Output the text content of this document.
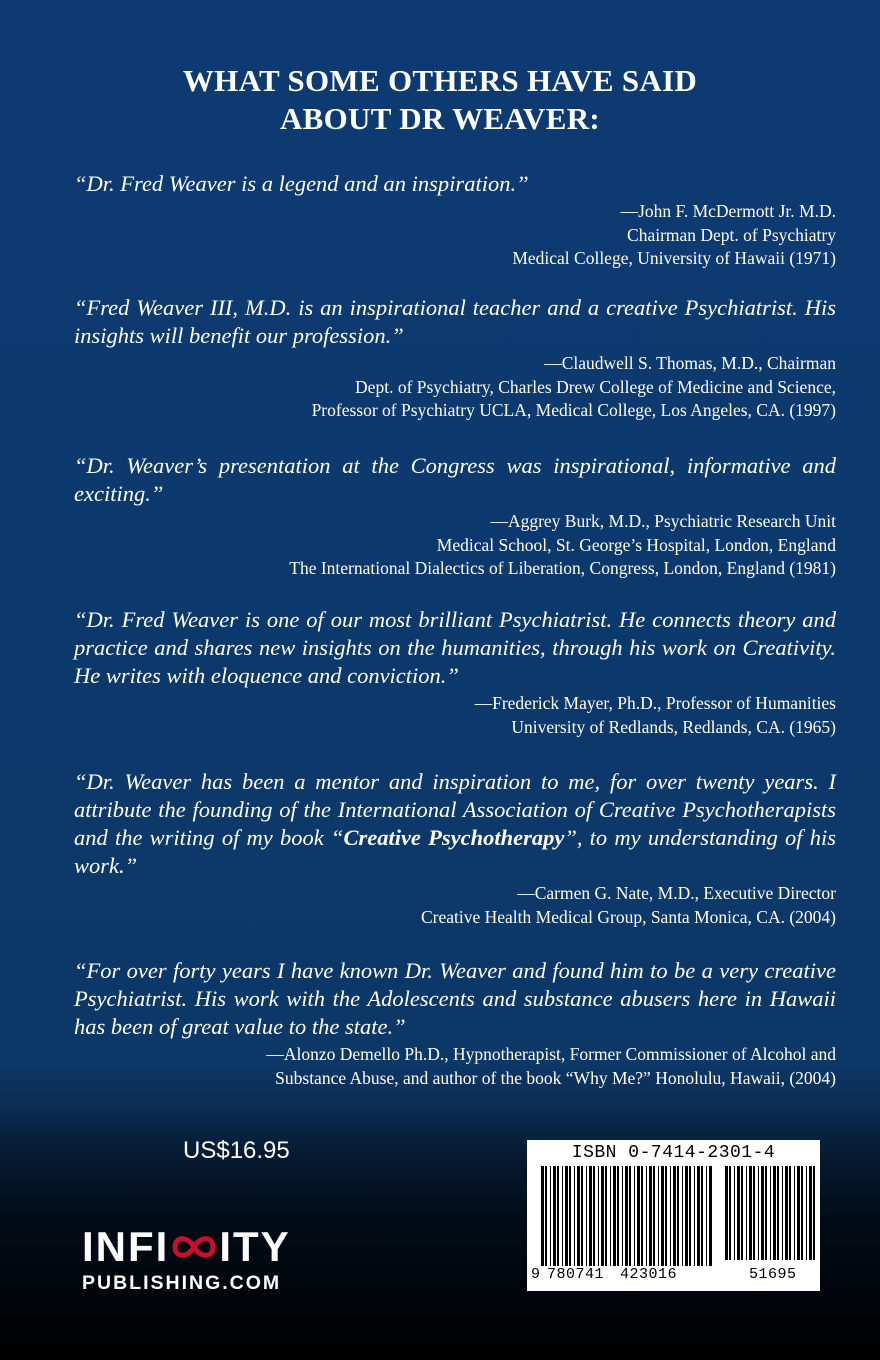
WHAT SOME OTHERS HAVE SAID
ABOUT DR WEAVER:

“Dr. Fred Weaver is a legend and an inspiration.”

—John F. McDermott Jr. M.D.
Chairman Dept. of Psychiatry
Medical College, University of Hawaii (1971)

“Fred Weaver III, M.D. is an inspirational teacher and a creative Psychiatrist. His insights will benefit our profession.”

—Claudwell S. Thomas, M.D., Chairman
Dept. of Psychiatry, Charles Drew College of Medicine and Science,
Professor of Psychiatry UCLA, Medical College, Los Angeles, CA. (1997)

“Dr. Weaver’s presentation at the Congress was inspirational, informative and exciting.”

—Aggrey Burk, M.D., Psychiatric Research Unit
Medical School, St. George’s Hospital, London, England
The International Dialectics of Liberation, Congress, London, England (1981)

“Dr. Fred Weaver is one of our most brilliant Psychiatrist. He connects theory and practice and shares new insights on the humanities, through his work on Creativity. He writes with eloquence and conviction.”

—Frederick Mayer, Ph.D., Professor of Humanities
University of Redlands, Redlands, CA. (1965)

“Dr. Weaver has been a mentor and inspiration to me, for over twenty years. I attribute the founding of the International Association of Creative Psychotherapists and the writing of my book “Creative Psychotherapy”, to my understanding of his work.”

—Carmen G. Nate, M.D., Executive Director
Creative Health Medical Group, Santa Monica, CA. (2004)

“For over forty years I have known Dr. Weaver and found him to be a very creative Psychiatrist. His work with the Adolescents and substance abusers here in Hawaii has been of great value to the state.”

—Alonzo Demello Ph.D., Hypnotherapist, Former Commissioner of Alcohol and
Substance Abuse, and author of the book “Why Me?” Honolulu, Hawaii, (2004)
US$16.95
INFI ITY
PUBLISHING.COM
ISBN 0-7414-2301-4
9 780741 423016	51695
